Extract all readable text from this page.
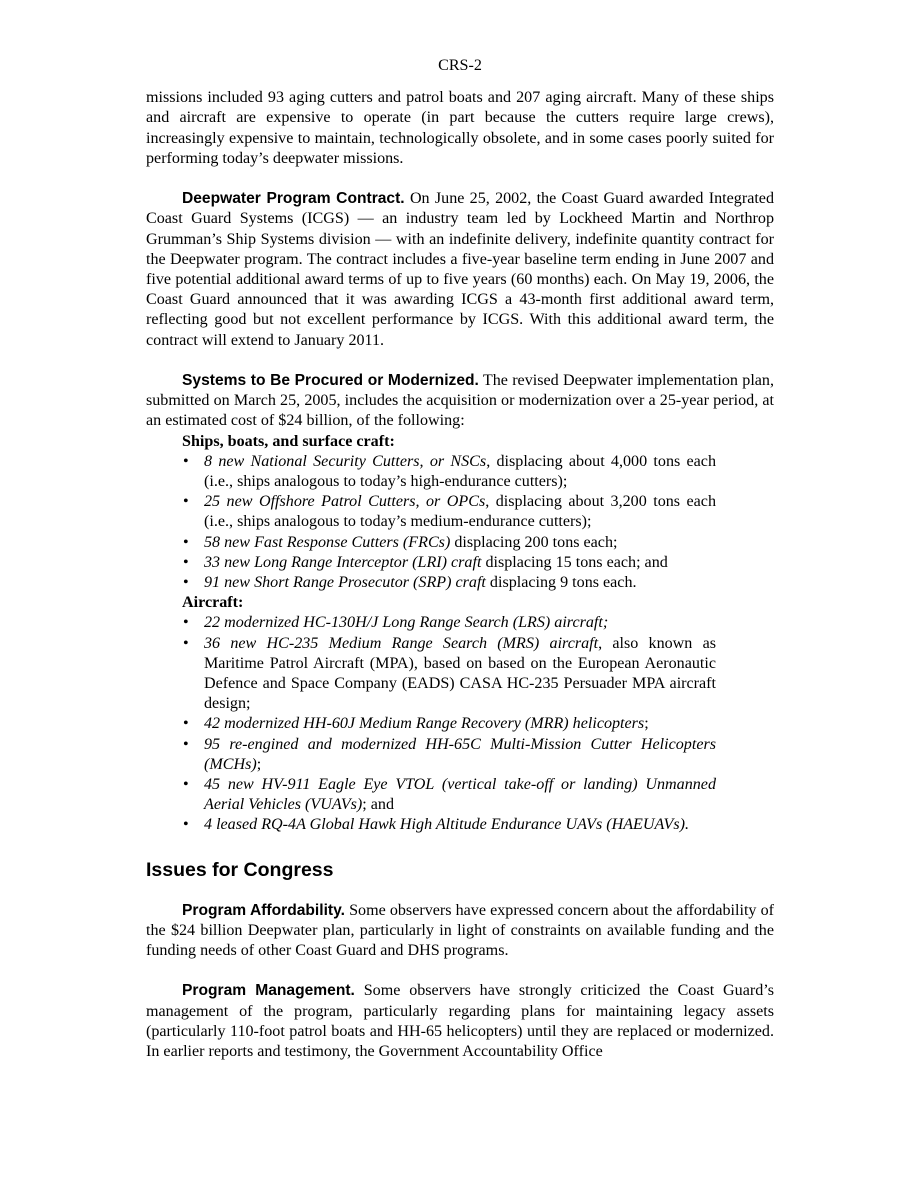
CRS-2

missions included 93 aging cutters and patrol boats and 207 aging aircraft. Many of these ships and aircraft are expensive to operate (in part because the cutters require large crews), increasingly expensive to maintain, technologically obsolete, and in some cases poorly suited for performing today’s deepwater missions.

Deepwater Program Contract. On June 25, 2002, the Coast Guard awarded Integrated Coast Guard Systems (ICGS) — an industry team led by Lockheed Martin and Northrop Grumman’s Ship Systems division — with an indefinite delivery, indefinite quantity contract for the Deepwater program. The contract includes a five-year baseline term ending in June 2007 and five potential additional award terms of up to five years (60 months) each. On May 19, 2006, the Coast Guard announced that it was awarding ICGS a 43-month first additional award term, reflecting good but not excellent performance by ICGS. With this additional award term, the contract will extend to January 2011.

Systems to Be Procured or Modernized. The revised Deepwater implementation plan, submitted on March 25, 2005, includes the acquisition or modernization over a 25-year period, at an estimated cost of $24 billion, of the following:

Ships, boats, and surface craft:
• 8 new National Security Cutters, or NSCs, displacing about 4,000 tons each (i.e., ships analogous to today’s high-endurance cutters);
• 25 new Offshore Patrol Cutters, or OPCs, displacing about 3,200 tons each (i.e., ships analogous to today’s medium-endurance cutters);
• 58 new Fast Response Cutters (FRCs) displacing 200 tons each;
• 33 new Long Range Interceptor (LRI) craft displacing 15 tons each; and
• 91 new Short Range Prosecutor (SRP) craft displacing 9 tons each.
Aircraft:
• 22 modernized HC-130H/J Long Range Search (LRS) aircraft;
• 36 new HC-235 Medium Range Search (MRS) aircraft, also known as Maritime Patrol Aircraft (MPA), based on based on the European Aeronautic Defence and Space Company (EADS) CASA HC-235 Persuader MPA aircraft design;
• 42 modernized HH-60J Medium Range Recovery (MRR) helicopters;
• 95 re-engined and modernized HH-65C Multi-Mission Cutter Helicopters (MCHs);
• 45 new HV-911 Eagle Eye VTOL (vertical take-off or landing) Unmanned Aerial Vehicles (VUAVs); and
• 4 leased RQ-4A Global Hawk High Altitude Endurance UAVs (HAEUAVs).
Issues for Congress

Program Affordability. Some observers have expressed concern about the affordability of the $24 billion Deepwater plan, particularly in light of constraints on available funding and the funding needs of other Coast Guard and DHS programs.

Program Management. Some observers have strongly criticized the Coast Guard’s management of the program, particularly regarding plans for maintaining legacy assets (particularly 110-foot patrol boats and HH-65 helicopters) until they are replaced or modernized. In earlier reports and testimony, the Government Accountability Office
